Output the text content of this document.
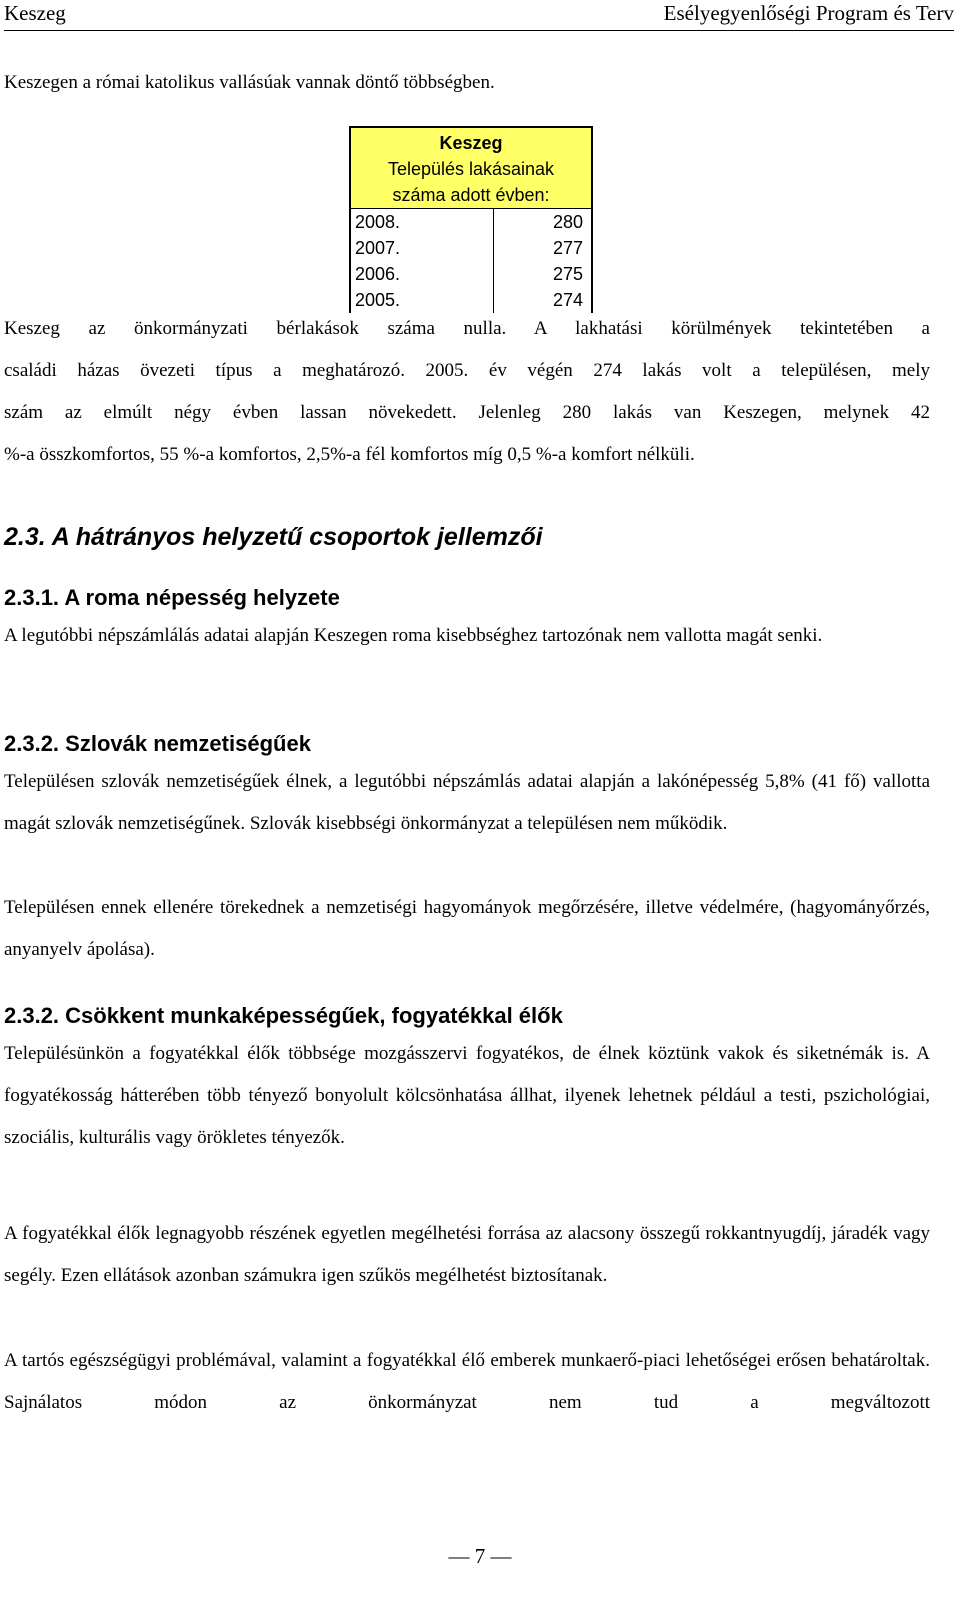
Keszeg	Esélyegyenlőségi Program és Terv

Keszegen a római katolikus vallásúak vannak döntő többségben.

Keszeg
Település lakásainak
száma adott évben:
2008.	280
2007.	277
2006.	275
2005.	274
Keszeg az önkormányzati bérlakások száma nulla. A lakhatási körülmények tekintetében a
családi házas övezeti típus a meghatározó. 2005. év végén 274 lakás volt a településen, mely
szám az elmúlt négy évben lassan növekedett. Jelenleg 280 lakás van Keszegen, melynek 42
%-a összkomfortos, 55 %-a komfortos, 2,5%-a fél komfortos míg 0,5 %-a komfort nélküli.
2.3. A hátrányos helyzetű csoportok jellemzői
2.3.1. A roma népesség helyzete

A legutóbbi népszámlálás adatai alapján Keszegen roma kisebbséghez tartozónak nem vallotta magát senki.

2.3.2. Szlovák nemzetiségűek

Településen szlovák nemzetiségűek élnek, a legutóbbi népszámlás adatai alapján a lakónépesség 5,8% (41 fő) vallotta magát szlovák nemzetiségűnek. Szlovák kisebbségi önkormányzat a településen nem működik.

Településen ennek ellenére törekednek a nemzetiségi hagyományok megőrzésére, illetve védelmére, (hagyományőrzés, anyanyelv ápolása).

2.3.2. Csökkent munkaképességűek, fogyatékkal élők

Településünkön a fogyatékkal élők többsége mozgásszervi fogyatékos, de élnek köztünk vakok és siketnémák is. A fogyatékosság hátterében több tényező bonyolult kölcsönhatása állhat, ilyenek lehetnek például a testi, pszichológiai, szociális, kulturális vagy örökletes tényezők.

A fogyatékkal élők legnagyobb részének egyetlen megélhetési forrása az alacsony összegű rokkantnyugdíj, járadék vagy segély. Ezen ellátások azonban számukra igen szűkös megélhetést biztosítanak.

A tartós egészségügyi problémával, valamint a fogyatékkal élő emberek munkaerő-piaci lehetőségei erősen behatároltak. Sajnálatos módon az önkormányzat nem tud a megváltozott

— 7 —
